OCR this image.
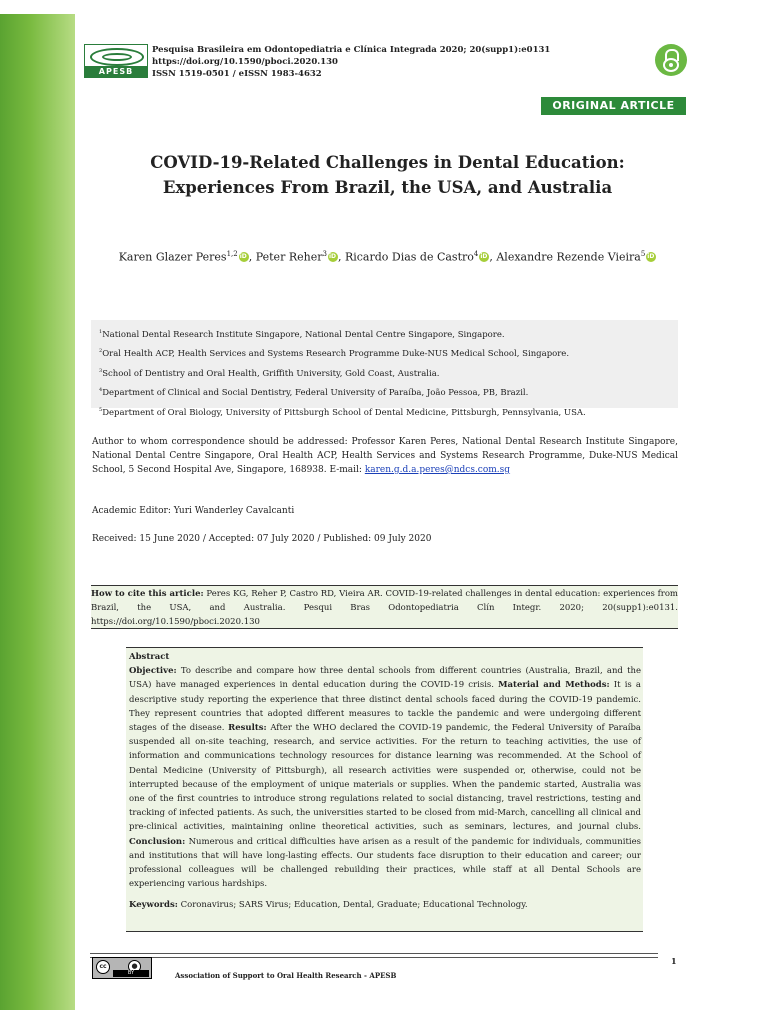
APESB
Pesquisa Brasileira em Odontopediatria e Clínica Integrada 2020; 20(supp1):e0131
https://doi.org/10.1590/pboci.2020.130
ISSN 1519-0501 / eISSN 1983-4632
ORIGINAL ARTICLE
COVID-19-Related Challenges in Dental Education:
Experiences From Brazil, the USA, and Australia
Karen Glazer Peres$^{1,2}$ iD , Peter Reher$^3$ iD , Ricardo Dias de Castro$^4$ iD , Alexandre Rezende Vieira$^5$iD
$^1$National Dental Research Institute Singapore, National Dental Centre Singapore, Singapore.
$^2$Oral Health ACP, Health Services and Systems Research Programme Duke-NUS Medical School, Singapore.
$^3$School of Dentistry and Oral Health, Griffith University, Gold Coast, Australia.
$^4$Department of Clinical and Social Dentistry, Federal University of Paraíba, João Pessoa, PB, Brazil.
$^5$Department of Oral Biology, University of Pittsburgh School of Dental Medicine, Pittsburgh, Pennsylvania, USA.
Author to whom correspondence should be addressed: Professor Karen Peres, National Dental Research Institute Singapore, National Dental Centre Singapore, Oral Health ACP, Health Services and Systems Research Programme, Duke-NUS Medical School, 5 Second Hospital Ave, Singapore, 168938. E-mail: karen.g.d.a.peres@ndcs.com.sg
Academic Editor: Yuri Wanderley Cavalcanti
Received: 15 June 2020 / Accepted: 07 July 2020 / Published: 09 July 2020
How to cite this article: Peres KG, Reher P, Castro RD, Vieira AR. COVID-19-related challenges in dental education: experiences from Brazil, the USA, and Australia. Pesqui Bras Odontopediatria Clín Integr. 2020; 20(supp1):e0131. https://doi.org/10.1590/pboci.2020.130
Abstract
Objective: To describe and compare how three dental schools from different countries (Australia, Brazil, and the USA) have managed experiences in dental education during the COVID-19 crisis. Material and Methods: It is a descriptive study reporting the experience that three distinct dental schools faced during the COVID-19 pandemic. They represent countries that adopted different measures to tackle the pandemic and were undergoing different stages of the disease. Results: After the WHO declared the COVID-19 pandemic, the Federal University of Paraíba suspended all on-site teaching, research, and service activities. For the return to teaching activities, the use of information and communications technology resources for distance learning was recommended. At the School of Dental Medicine (University of Pittsburgh), all research activities were suspended or, otherwise, could not be interrupted because of the employment of unique materials or supplies. When the pandemic started, Australia was one of the first countries to introduce strong regulations related to social distancing, travel restrictions, testing and tracking of infected patients. As such, the universities started to be closed from mid-March, cancelling all clinical and pre-clinical activities, maintaining online theoretical activities, such as seminars, lectures, and journal clubs. Conclusion: Numerous and critical difficulties have arisen as a result of the pandemic for individuals, communities and institutions that will have long-lasting effects. Our students face disruption to their education and career; our professional colleagues will be challenged rebuilding their practices, while staff at all Dental Schools are experiencing various hardships.
Keywords: Coronavirus; SARS Virus; Education, Dental, Graduate; Educational Technology.
cc	●
BY	Association of Support to Oral Health Research - APESB
1
